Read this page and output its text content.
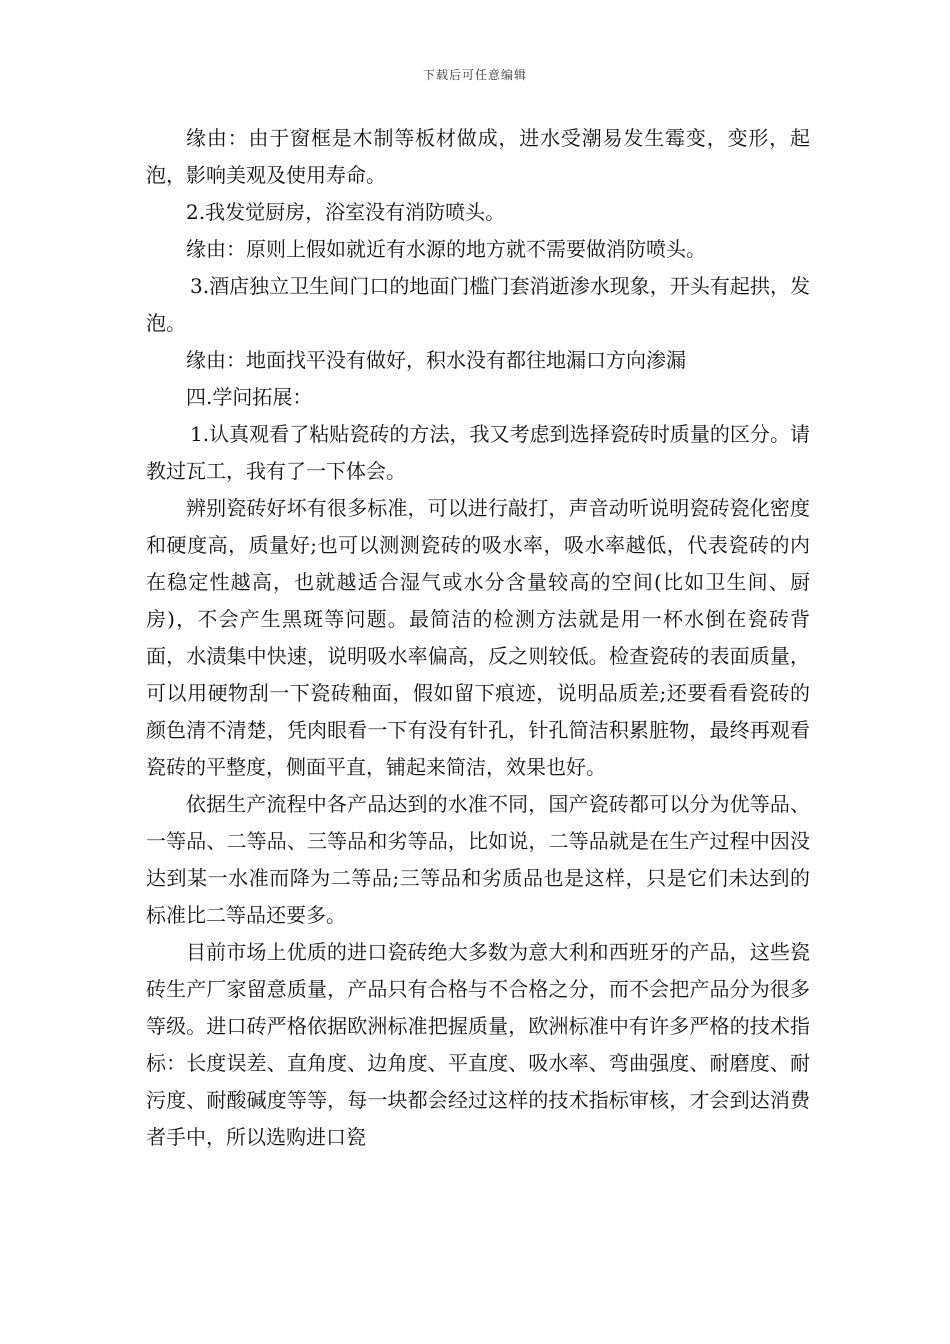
下载后可任意编辑

缘由：由于窗框是木制等板材做成，进水受潮易发生霉变，变形，起泡，影响美观及使用寿命。

2.我发觉厨房，浴室没有消防喷头。

缘由：原则上假如就近有水源的地方就不需要做消防喷头。

3.酒店独立卫生间门口的地面门槛门套消逝渗水现象，开头有起拱，发泡。

缘由：地面找平没有做好，积水没有都往地漏口方向渗漏

四.学问拓展：

1.认真观看了粘贴瓷砖的方法，我又考虑到选择瓷砖时质量的区分。请教过瓦工，我有了一下体会。

辨别瓷砖好坏有很多标准，可以进行敲打，声音动听说明瓷砖瓷化密度和硬度高，质量好;也可以测测瓷砖的吸水率，吸水率越低，代表瓷砖的内在稳定性越高，也就越适合湿气或水分含量较高的空间(比如卫生间、厨房)，不会产生黑斑等问题。最简洁的检测方法就是用一杯水倒在瓷砖背面，水渍集中快速，说明吸水率偏高，反之则较低。检查瓷砖的表面质量，可以用硬物刮一下瓷砖釉面，假如留下痕迹，说明品质差;还要看看瓷砖的颜色清不清楚，凭肉眼看一下有没有针孔，针孔简洁积累脏物，最终再观看瓷砖的平整度，侧面平直，铺起来简洁，效果也好。

依据生产流程中各产品达到的水准不同，国产瓷砖都可以分为优等品、一等品、二等品、三等品和劣等品，比如说，二等品就是在生产过程中因没达到某一水准而降为二等品;三等品和劣质品也是这样，只是它们未达到的标准比二等品还要多。

目前市场上优质的进口瓷砖绝大多数为意大利和西班牙的产品，这些瓷砖生产厂家留意质量，产品只有合格与不合格之分，而不会把产品分为很多等级。进口砖严格依据欧洲标准把握质量，欧洲标准中有许多严格的技术指标：长度误差、直角度、边角度、平直度、吸水率、弯曲强度、耐磨度、耐污度、耐酸碱度等等，每一块都会经过这样的技术指标审核，才会到达消费者手中，所以选购进口瓷
